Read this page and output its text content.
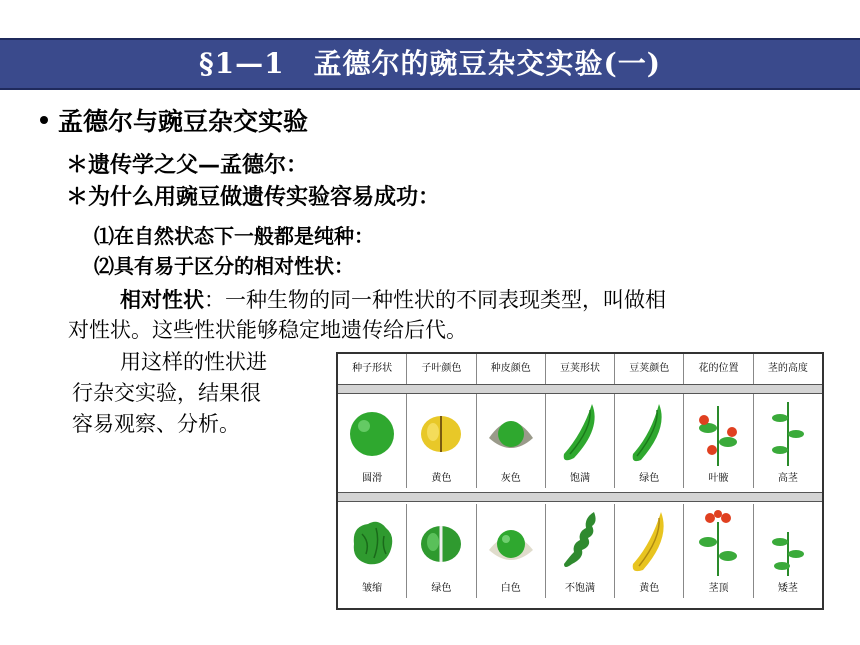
§1—1　孟德尔的豌豆杂交实验(一)
孟德尔与豌豆杂交实验
＊遗传学之父—孟德尔：
＊为什么用豌豆做遗传实验容易成功：
⑴在自然状态下一般都是纯种：
⑵具有易于区分的相对性状：
相对性状：一种生物的同一种性状的不同表现类型，叫做相
对性状。这些性状能够稳定地遗传给后代。
用这样的性状进
行杂交实验，结果很
容易观察、分析。
种子形状	子叶颜色	种皮颜色	豆荚形状	豆荚颜色	花的位置	茎的高度
圆滑	黄色	灰色	饱满	绿色	叶腋	高茎
皱缩	绿色	白色	不饱满	黄色	茎顶	矮茎
